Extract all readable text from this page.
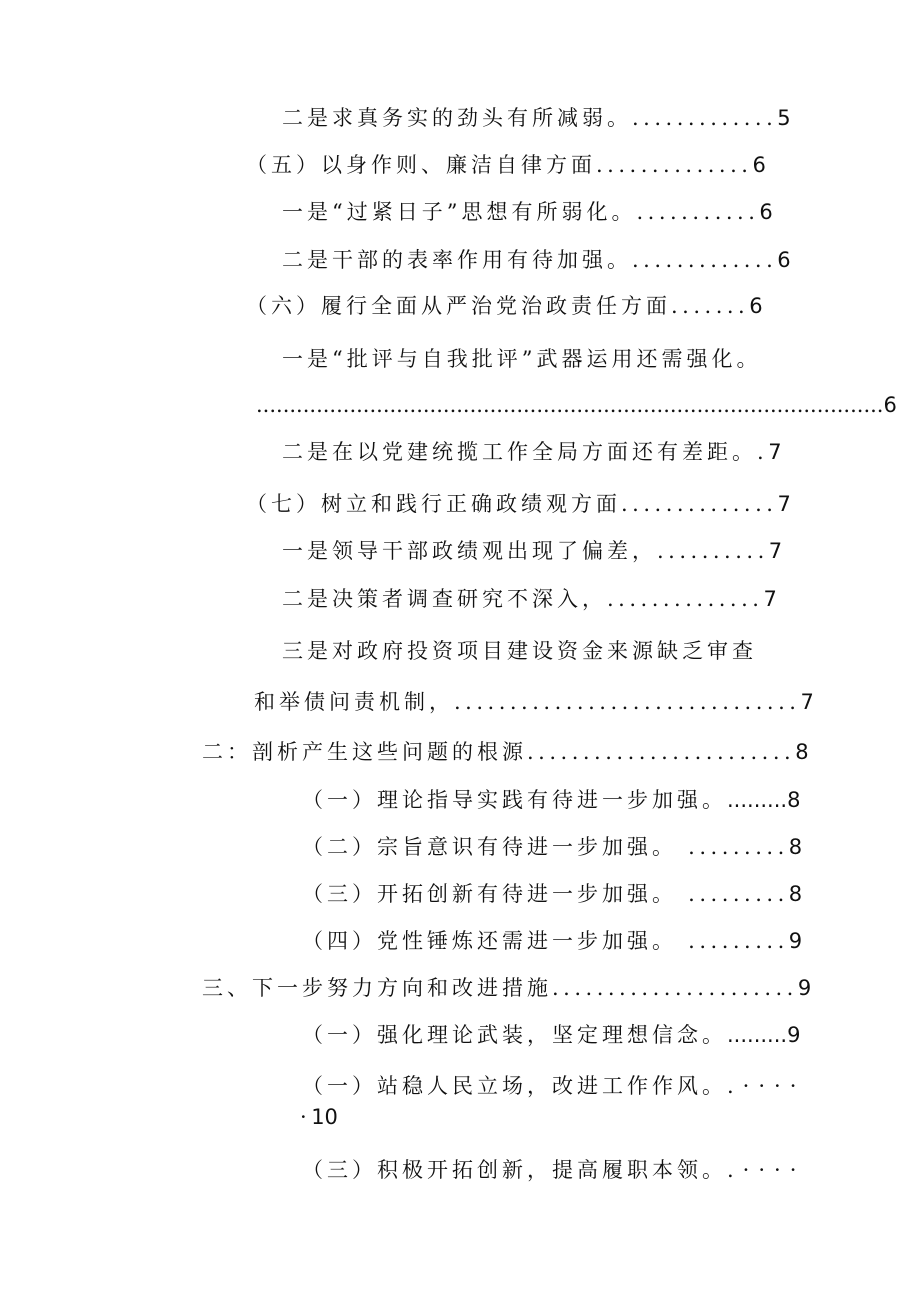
二是求真务实的劲头有所减弱。.............5
（五）以身作则、廉洁自律方面..............6
一是“过紧日子”思想有所弱化。...........6
二是干部的表率作用有待加强。.............6
（六）履行全面从严治党治政责任方面.......6
一是“批评与自我批评”武器运用还需强化。
..............................................................................................6
二是在以党建统揽工作全局方面还有差距。.7
（七）树立和践行正确政绩观方面..............7
一是领导干部政绩观出现了偏差，..........7
二是决策者调查研究不深入，..............7
三是对政府投资项目建设资金来源缺乏审查
和举债问责机制，...............................7
二：剖析产生这些问题的根源........................8
（一）理论指导实践有待进一步加强。.........8
（二）宗旨意识有待进一步加强。 .........8
（三）开拓创新有待进一步加强。 .........8
（四）党性锤炼还需进一步加强。 .........9
三、下一步努力方向和改进措施......................9
（一）强化理论武装，坚定理想信念。.........9
（一）站稳人民立场，改进工作作风。.····
·10
（三）积极开拓创新，提高履职本领。.····
